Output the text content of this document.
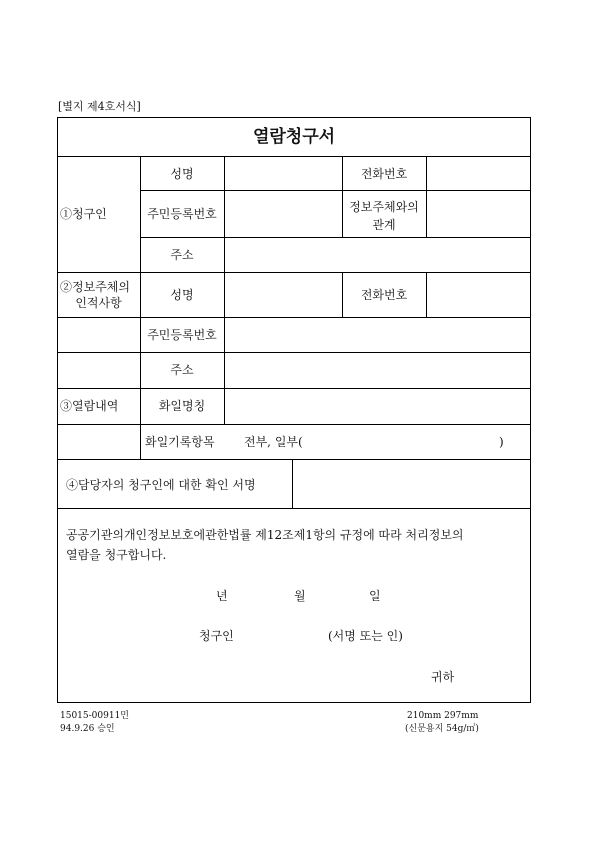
[별지 제4호서식]
열람청구서
①청구인
성명	전화번호
주민등록번호	정보주체와의
관계
주소
②정보주체의
인적사항
성명	전화번호
주민등록번호
주소
③열람내역	화일명칭
화일기록항목 전부, 일부(	)
④담당자의 청구인에 대한 확인 서명
공공기관의개인정보보호에관한법률 제12조제1항의 규정에 따라 처리정보의
열람을 청구합니다.
년	월	일
청구인	(서명 또는 인)
귀하
15015-00911민
94.9.26 승인
210mm 297mm
(신문용지 54g/㎡)
